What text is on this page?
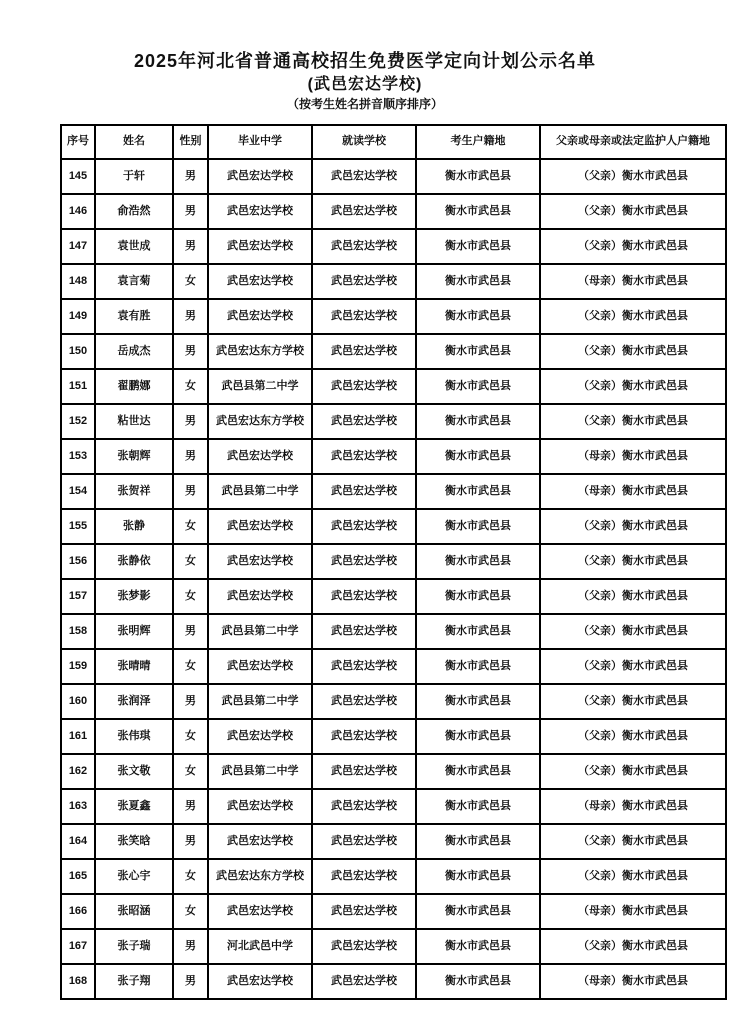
2025年河北省普通高校招生免费医学定向计划公示名单

(武邑宏达学校)

（按考生姓名拼音顺序排序）

序号	姓名	性别	毕业中学	就读学校	考生户籍地	父亲或母亲或法定监护人户籍地
145	于轩	男	武邑宏达学校	武邑宏达学校	衡水市武邑县	（父亲）衡水市武邑县
146	俞浩然	男	武邑宏达学校	武邑宏达学校	衡水市武邑县	（父亲）衡水市武邑县
147	袁世成	男	武邑宏达学校	武邑宏达学校	衡水市武邑县	（父亲）衡水市武邑县
148	袁言菊	女	武邑宏达学校	武邑宏达学校	衡水市武邑县	（母亲）衡水市武邑县
149	袁有胜	男	武邑宏达学校	武邑宏达学校	衡水市武邑县	（父亲）衡水市武邑县
150	岳成杰	男	武邑宏达东方学校	武邑宏达学校	衡水市武邑县	（父亲）衡水市武邑县
151	翟鹏娜	女	武邑县第二中学	武邑宏达学校	衡水市武邑县	（父亲）衡水市武邑县
152	粘世达	男	武邑宏达东方学校	武邑宏达学校	衡水市武邑县	（父亲）衡水市武邑县
153	张朝辉	男	武邑宏达学校	武邑宏达学校	衡水市武邑县	（母亲）衡水市武邑县
154	张贺祥	男	武邑县第二中学	武邑宏达学校	衡水市武邑县	（母亲）衡水市武邑县
155	张静	女	武邑宏达学校	武邑宏达学校	衡水市武邑县	（父亲）衡水市武邑县
156	张静依	女	武邑宏达学校	武邑宏达学校	衡水市武邑县	（父亲）衡水市武邑县
157	张梦影	女	武邑宏达学校	武邑宏达学校	衡水市武邑县	（父亲）衡水市武邑县
158	张明辉	男	武邑县第二中学	武邑宏达学校	衡水市武邑县	（父亲）衡水市武邑县
159	张晴晴	女	武邑宏达学校	武邑宏达学校	衡水市武邑县	（父亲）衡水市武邑县
160	张润泽	男	武邑县第二中学	武邑宏达学校	衡水市武邑县	（父亲）衡水市武邑县
161	张伟琪	女	武邑宏达学校	武邑宏达学校	衡水市武邑县	（父亲）衡水市武邑县
162	张文敬	女	武邑县第二中学	武邑宏达学校	衡水市武邑县	（父亲）衡水市武邑县
163	张夏鑫	男	武邑宏达学校	武邑宏达学校	衡水市武邑县	（母亲）衡水市武邑县
164	张笑晗	男	武邑宏达学校	武邑宏达学校	衡水市武邑县	（父亲）衡水市武邑县
165	张心宇	女	武邑宏达东方学校	武邑宏达学校	衡水市武邑县	（父亲）衡水市武邑县
166	张昭涵	女	武邑宏达学校	武邑宏达学校	衡水市武邑县	（母亲）衡水市武邑县
167	张子瑞	男	河北武邑中学	武邑宏达学校	衡水市武邑县	（父亲）衡水市武邑县
168	张子翔	男	武邑宏达学校	武邑宏达学校	衡水市武邑县	（母亲）衡水市武邑县
